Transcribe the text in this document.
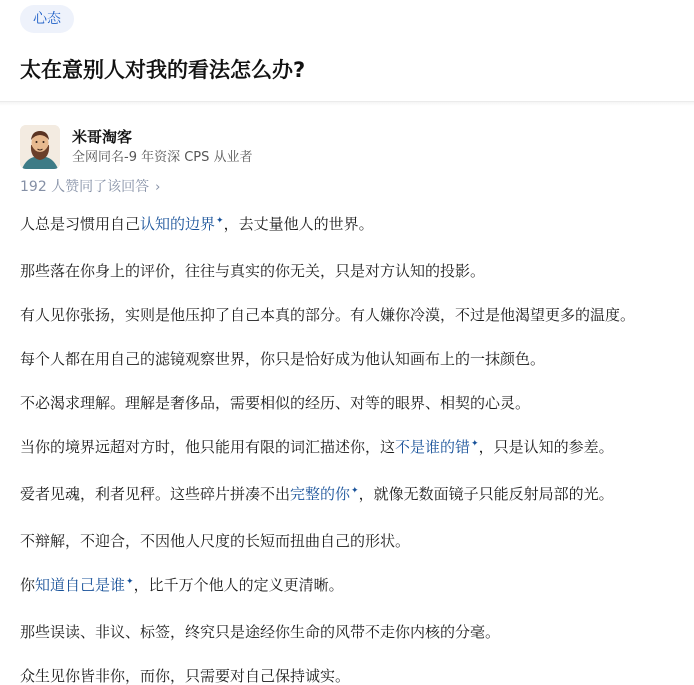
心态
太在意别人对我的看法怎么办?
米哥淘客
全网同名-9 年资深 CPS 从业者
192 人赞同了该回答 ›

人总是习惯用自己认知的边界✦，去丈量他人的世界。

那些落在你身上的评价，往往与真实的你无关，只是对方认知的投影。

有人见你张扬，实则是他压抑了自己本真的部分。有人嫌你冷漠，不过是他渴望更多的温度。

每个人都在用自己的滤镜观察世界，你只是恰好成为他认知画布上的一抹颜色。

不必渴求理解。理解是奢侈品，需要相似的经历、对等的眼界、相契的心灵。

当你的境界远超对方时，他只能用有限的词汇描述你，这不是谁的错✦，只是认知的参差。

爱者见魂，利者见秤。这些碎片拼凑不出完整的你✦，就像无数面镜子只能反射局部的光。

不辩解，不迎合，不因他人尺度的长短而扭曲自己的形状。

你知道自己是谁✦，比千万个他人的定义更清晰。

那些误读、非议、标签，终究只是途经你生命的风带不走你内核的分毫。

众生见你皆非你，而你，只需要对自己保持诚实。
